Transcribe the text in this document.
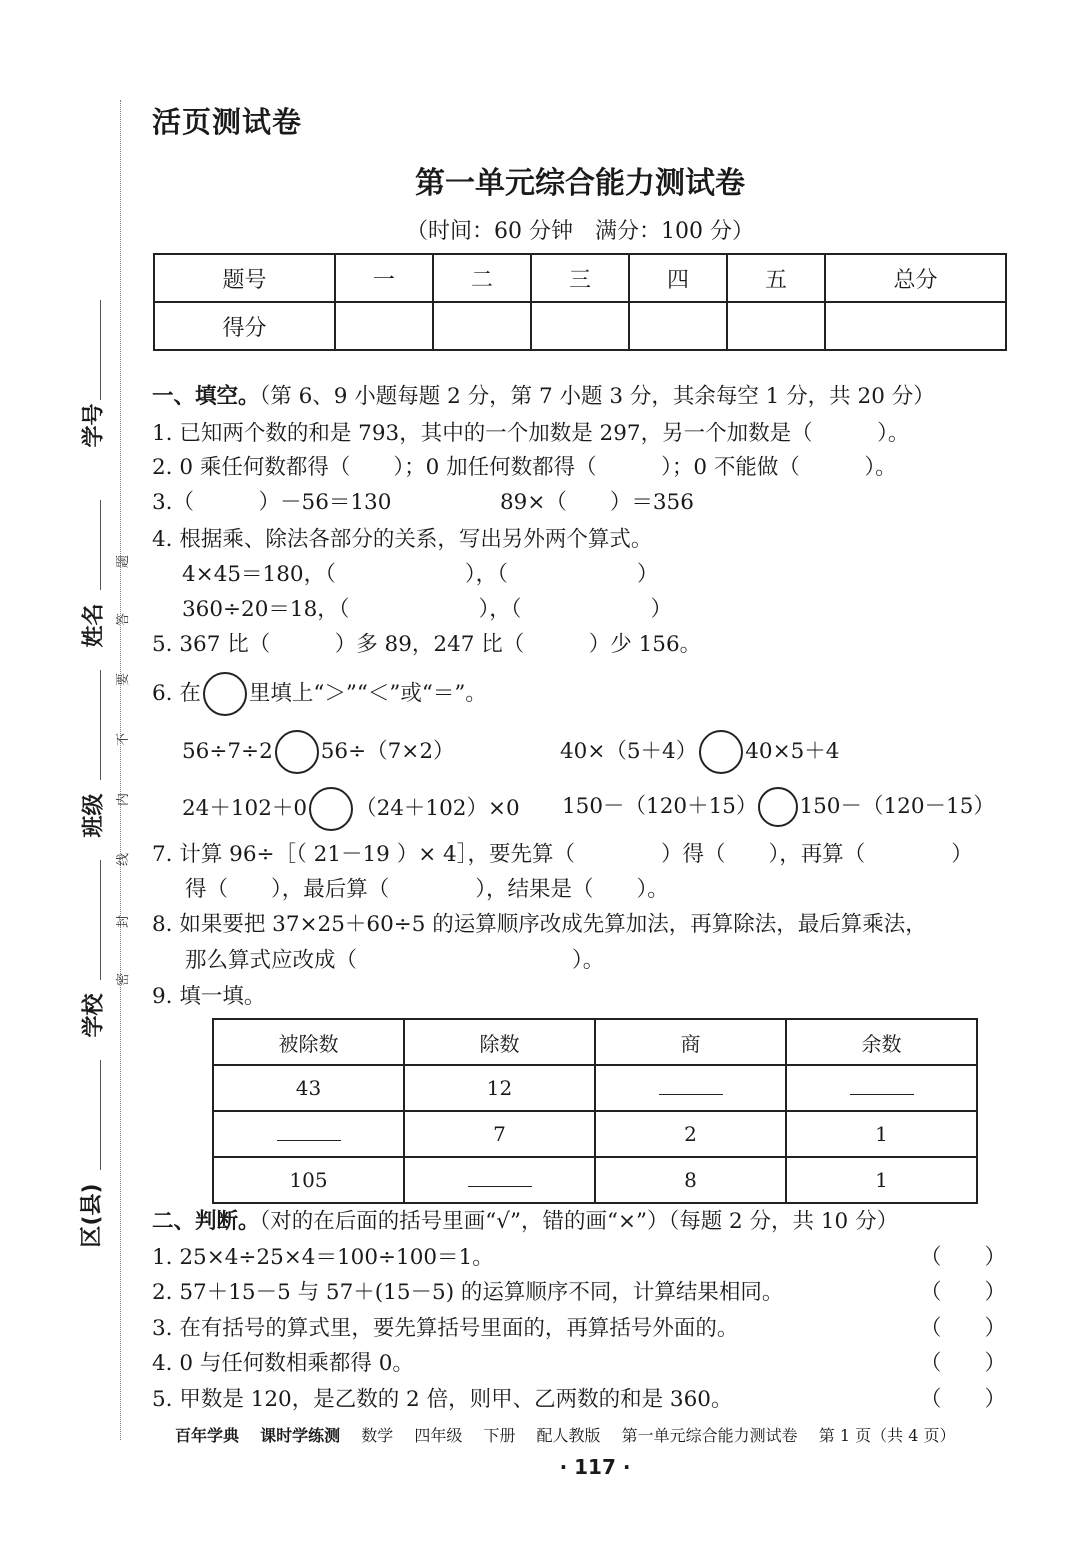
学号
姓名
班级
学校
区(县)
题
答
要
不
内
线
封
密
活页测试卷
第一单元综合能力测试卷
（时间：60 分钟　满分：100 分）
题号	一	二	三	四	五	总分
得分						
一、填空。（第 6、9 小题每题 2 分，第 7 小题 3 分，其余每空 1 分，共 20 分）
1. 已知两个数的和是 793，其中的一个加数是 297，另一个加数是（　　　）。
2. 0 乘任何数都得（　　）；0 加任何数都得（　　　）；0 不能做（　　　）。
3.（　　　）－56＝130	89×（　　）＝356
4. 根据乘、除法各部分的关系，写出另外两个算式。
4×45＝180，（　　　　　　），（　　　　　　）
360÷20＝18，（　　　　　　），（　　　　　　）
5. 367 比（　　　）多 89，247 比（　　　）少 156。
6. 在 里填上“＞”“＜”或“＝”。
56÷7÷2 56÷（7×2）	40×（5＋4） 40×5＋4
24＋102＋0 （24＋102）×0 150－（120＋15） 150－（120－15）
7. 计算 96÷［（ 21－19 ）× 4］，要先算（　　　　）得（　　），再算（　　　　）
得（　　），最后算（　　　　），结果是（　　）。
8. 如果要把 37×25＋60÷5 的运算顺序改成先算加法，再算除法，最后算乘法，
那么算式应改成（　　　　　　　　　　）。
9. 填一填。
被除数	除数	商	余数
43	12		
	7	2	1
105		8	1
二、判断。（对的在后面的括号里画“√”，错的画“×”）（每题 2 分，共 10 分）
1. 25×4÷25×4＝100÷100＝1。
2. 57＋15－5 与 57＋(15－5) 的运算顺序不同，计算结果相同。
3. 在有括号的算式里，要先算括号里面的，再算括号外面的。
4. 0 与任何数相乘都得 0。
5. 甲数是 120，是乙数的 2 倍，则甲、乙两数的和是 360。
（　　）
（　　）
（　　）
（　　）
（　　）
百年学典 课时学练测 数学 四年级 下册 配人教版 第一单元综合能力测试卷 第 1 页（共 4 页）
· 117 ·
